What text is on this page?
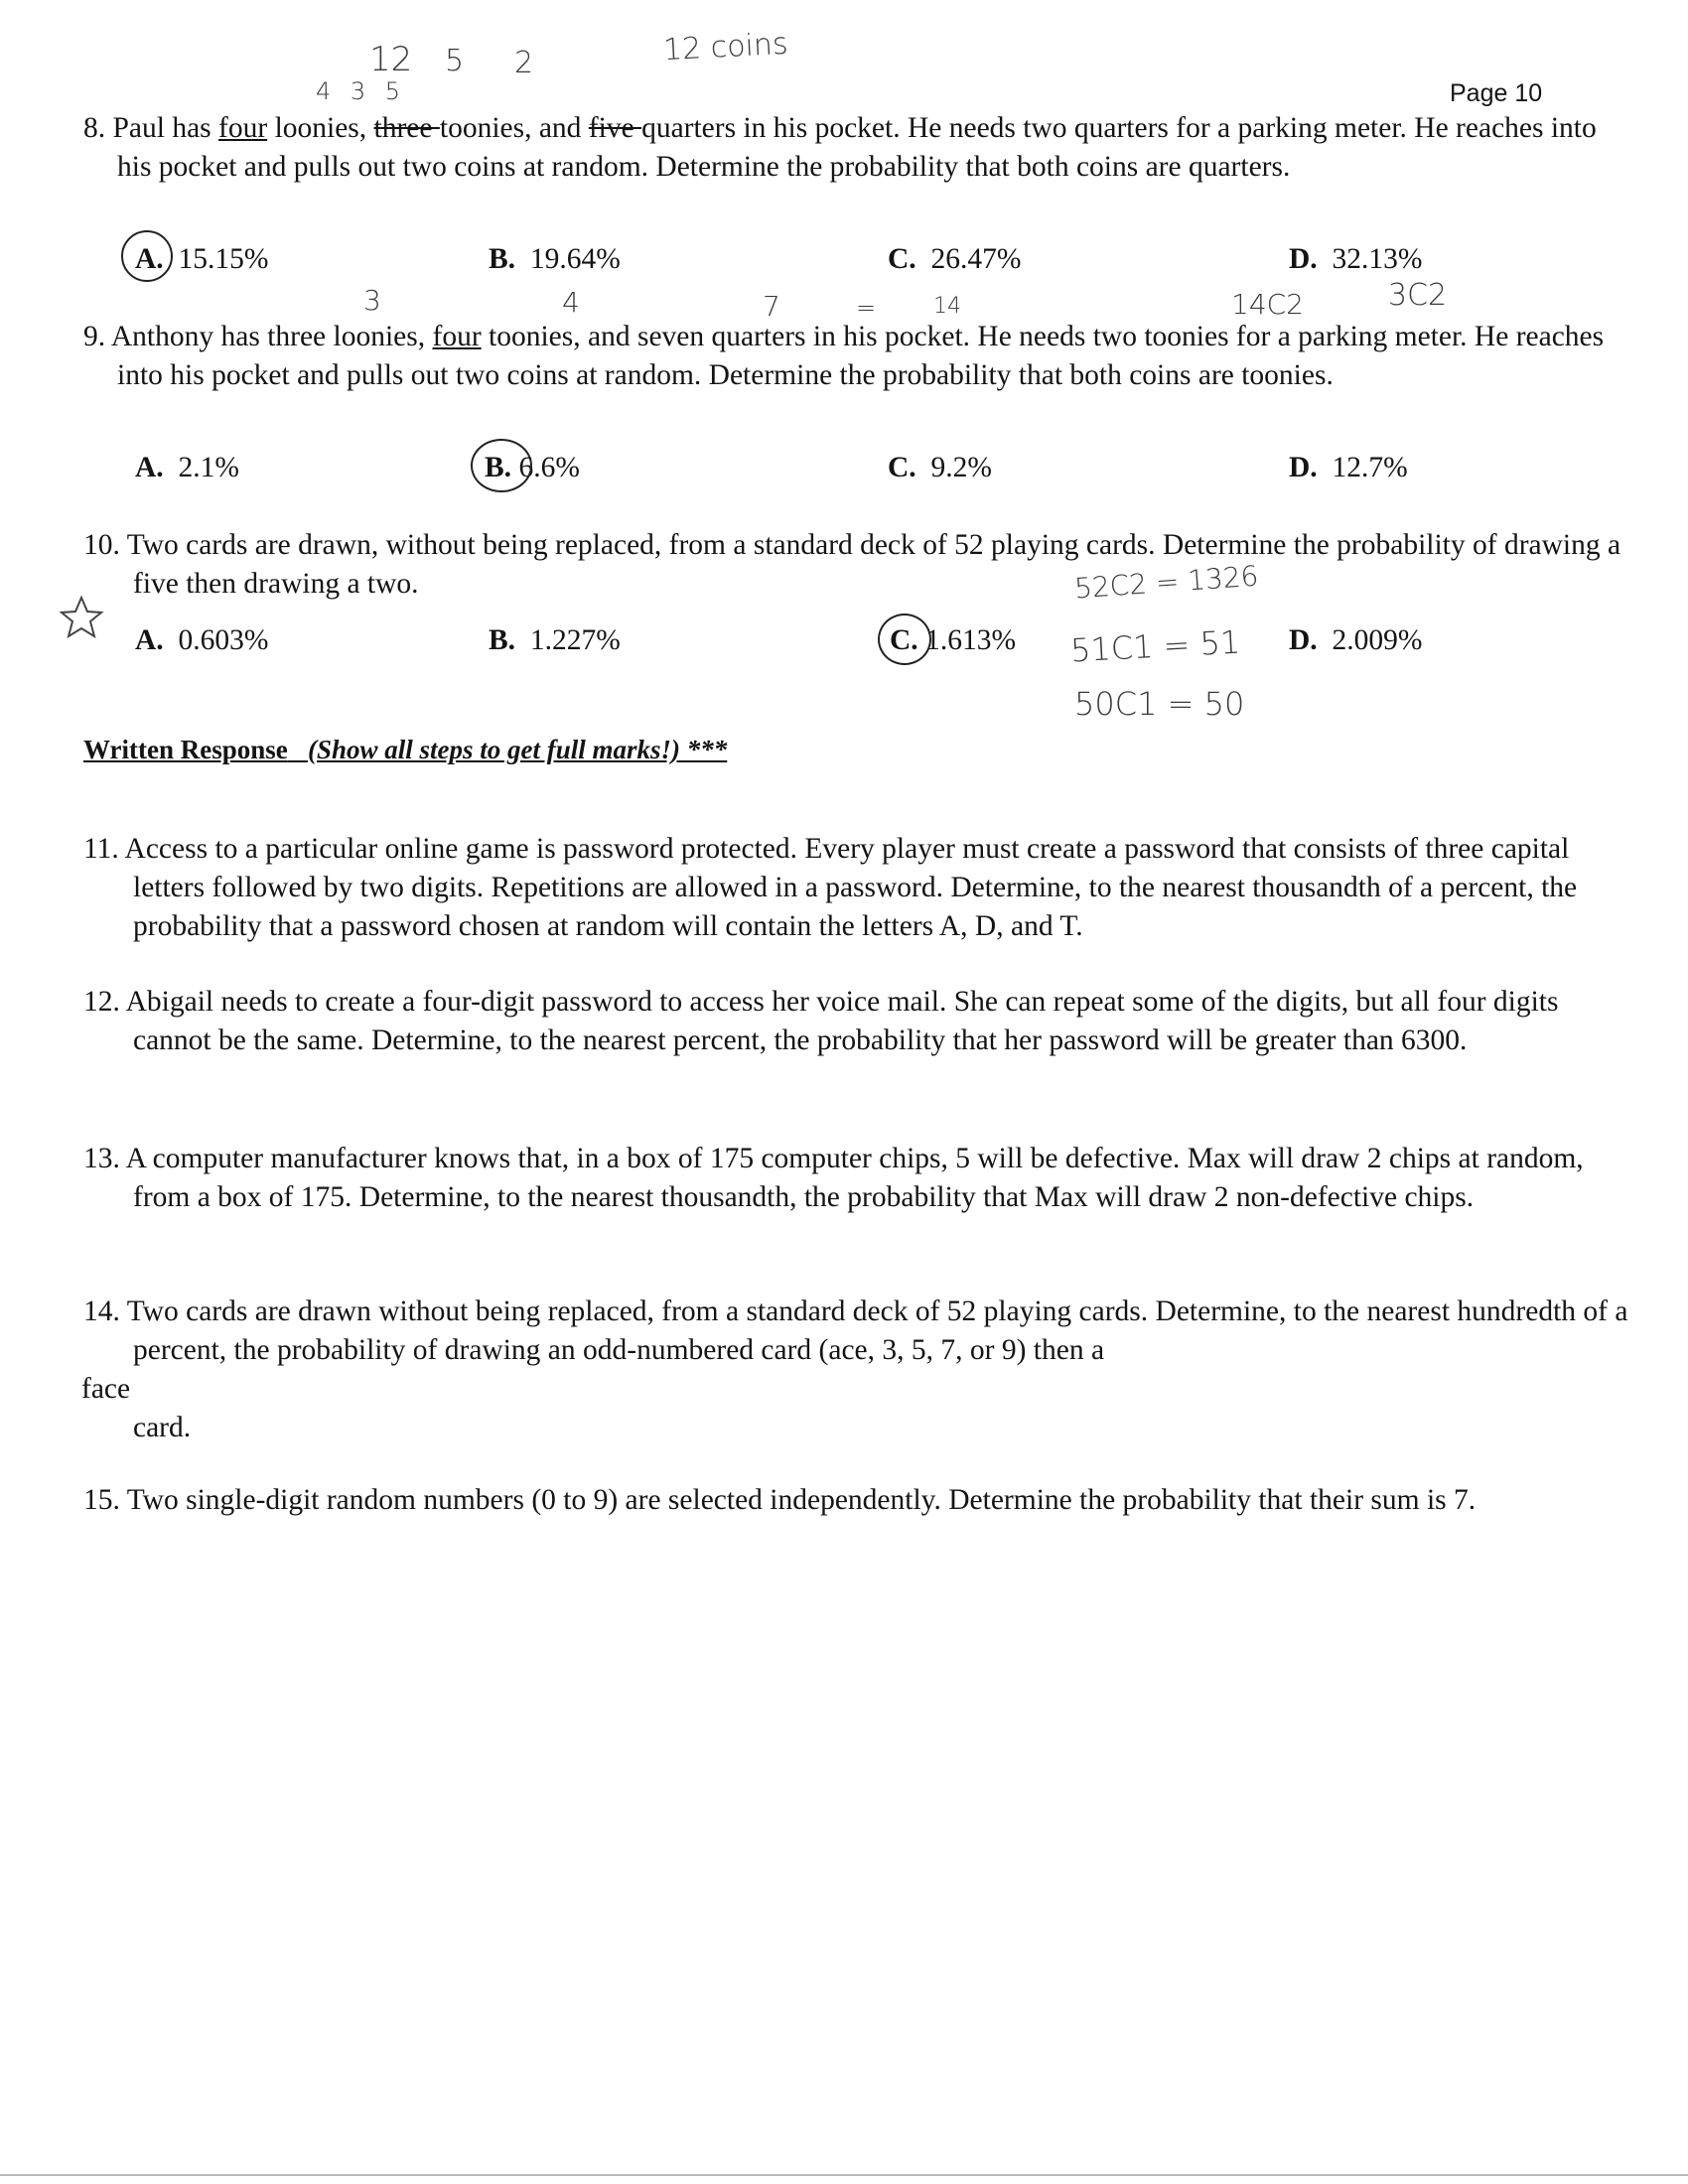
Page 10
12 5 2	12 coins
4 3 5
3	4	7	=	14	14C2	3C2
52C2 = 1326
51C1 = 51
50C1 = 50
8. Paul has four loonies, three toonies, and five quarters in his pocket. He needs two quarters for a parking meter. He reaches into his pocket and pulls out two coins at random. Determine the probability that both coins are quarters.
A. 15.15%	B. 19.64%	C. 26.47%	D. 32.13%
9. Anthony has three loonies, four toonies, and seven quarters in his pocket. He needs two toonies for a parking meter. He reaches into his pocket and pulls out two coins at random. Determine the probability that both coins are toonies.
A. 2.1%	B. 6.6%	C. 9.2%	D. 12.7%
10. Two cards are drawn, without being replaced, from a standard deck of 52 playing cards. Determine the probability of drawing a five then drawing a two.
A. 0.603%	B. 1.227%	C. 1.613%	D. 2.009%
Written Response (Show all steps to get full marks!) ***
11. Access to a particular online game is password protected. Every player must create a password that consists of three capital letters followed by two digits. Repetitions are allowed in a password. Determine, to the nearest thousandth of a percent, the probability that a password chosen at random will contain the letters A, D, and T.
12. Abigail needs to create a four-digit password to access her voice mail. She can repeat some of the digits, but all four digits cannot be the same. Determine, to the nearest percent, the probability that her password will be greater than 6300.
13. A computer manufacturer knows that, in a box of 175 computer chips, 5 will be defective. Max will draw 2 chips at random, from a box of 175. Determine, to the nearest thousandth, the probability that Max will draw 2 non-defective chips.
14. Two cards are drawn without being replaced, from a standard deck of 52 playing cards. Determine, to the nearest hundredth of a percent, the probability of drawing an odd-numbered card (ace, 3, 5, 7, or 9) then a
face
card.
15. Two single-digit random numbers (0 to 9) are selected independently. Determine the probability that their sum is 7.
